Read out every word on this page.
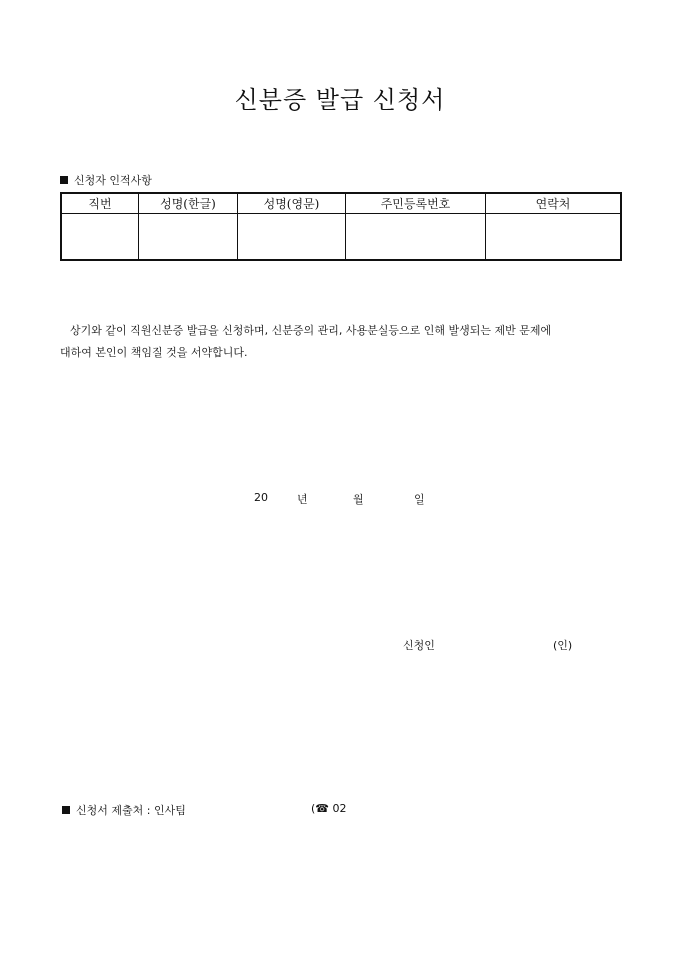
신분증 발급 신청서
신청자 인적사항
직번	성명(한글)	성명(영문)	주민등록번호	연락처

상기와 같이 직원신분증 발급을 신청하며, 신분증의 관리, 사용분실등으로 인해 발생되는 제반 문제에
대하여 본인이 책임질 것을 서약합니다.
20	년	월	일
신청인	(인)
신청서 제출처 : 인사팀	(☎ 02
